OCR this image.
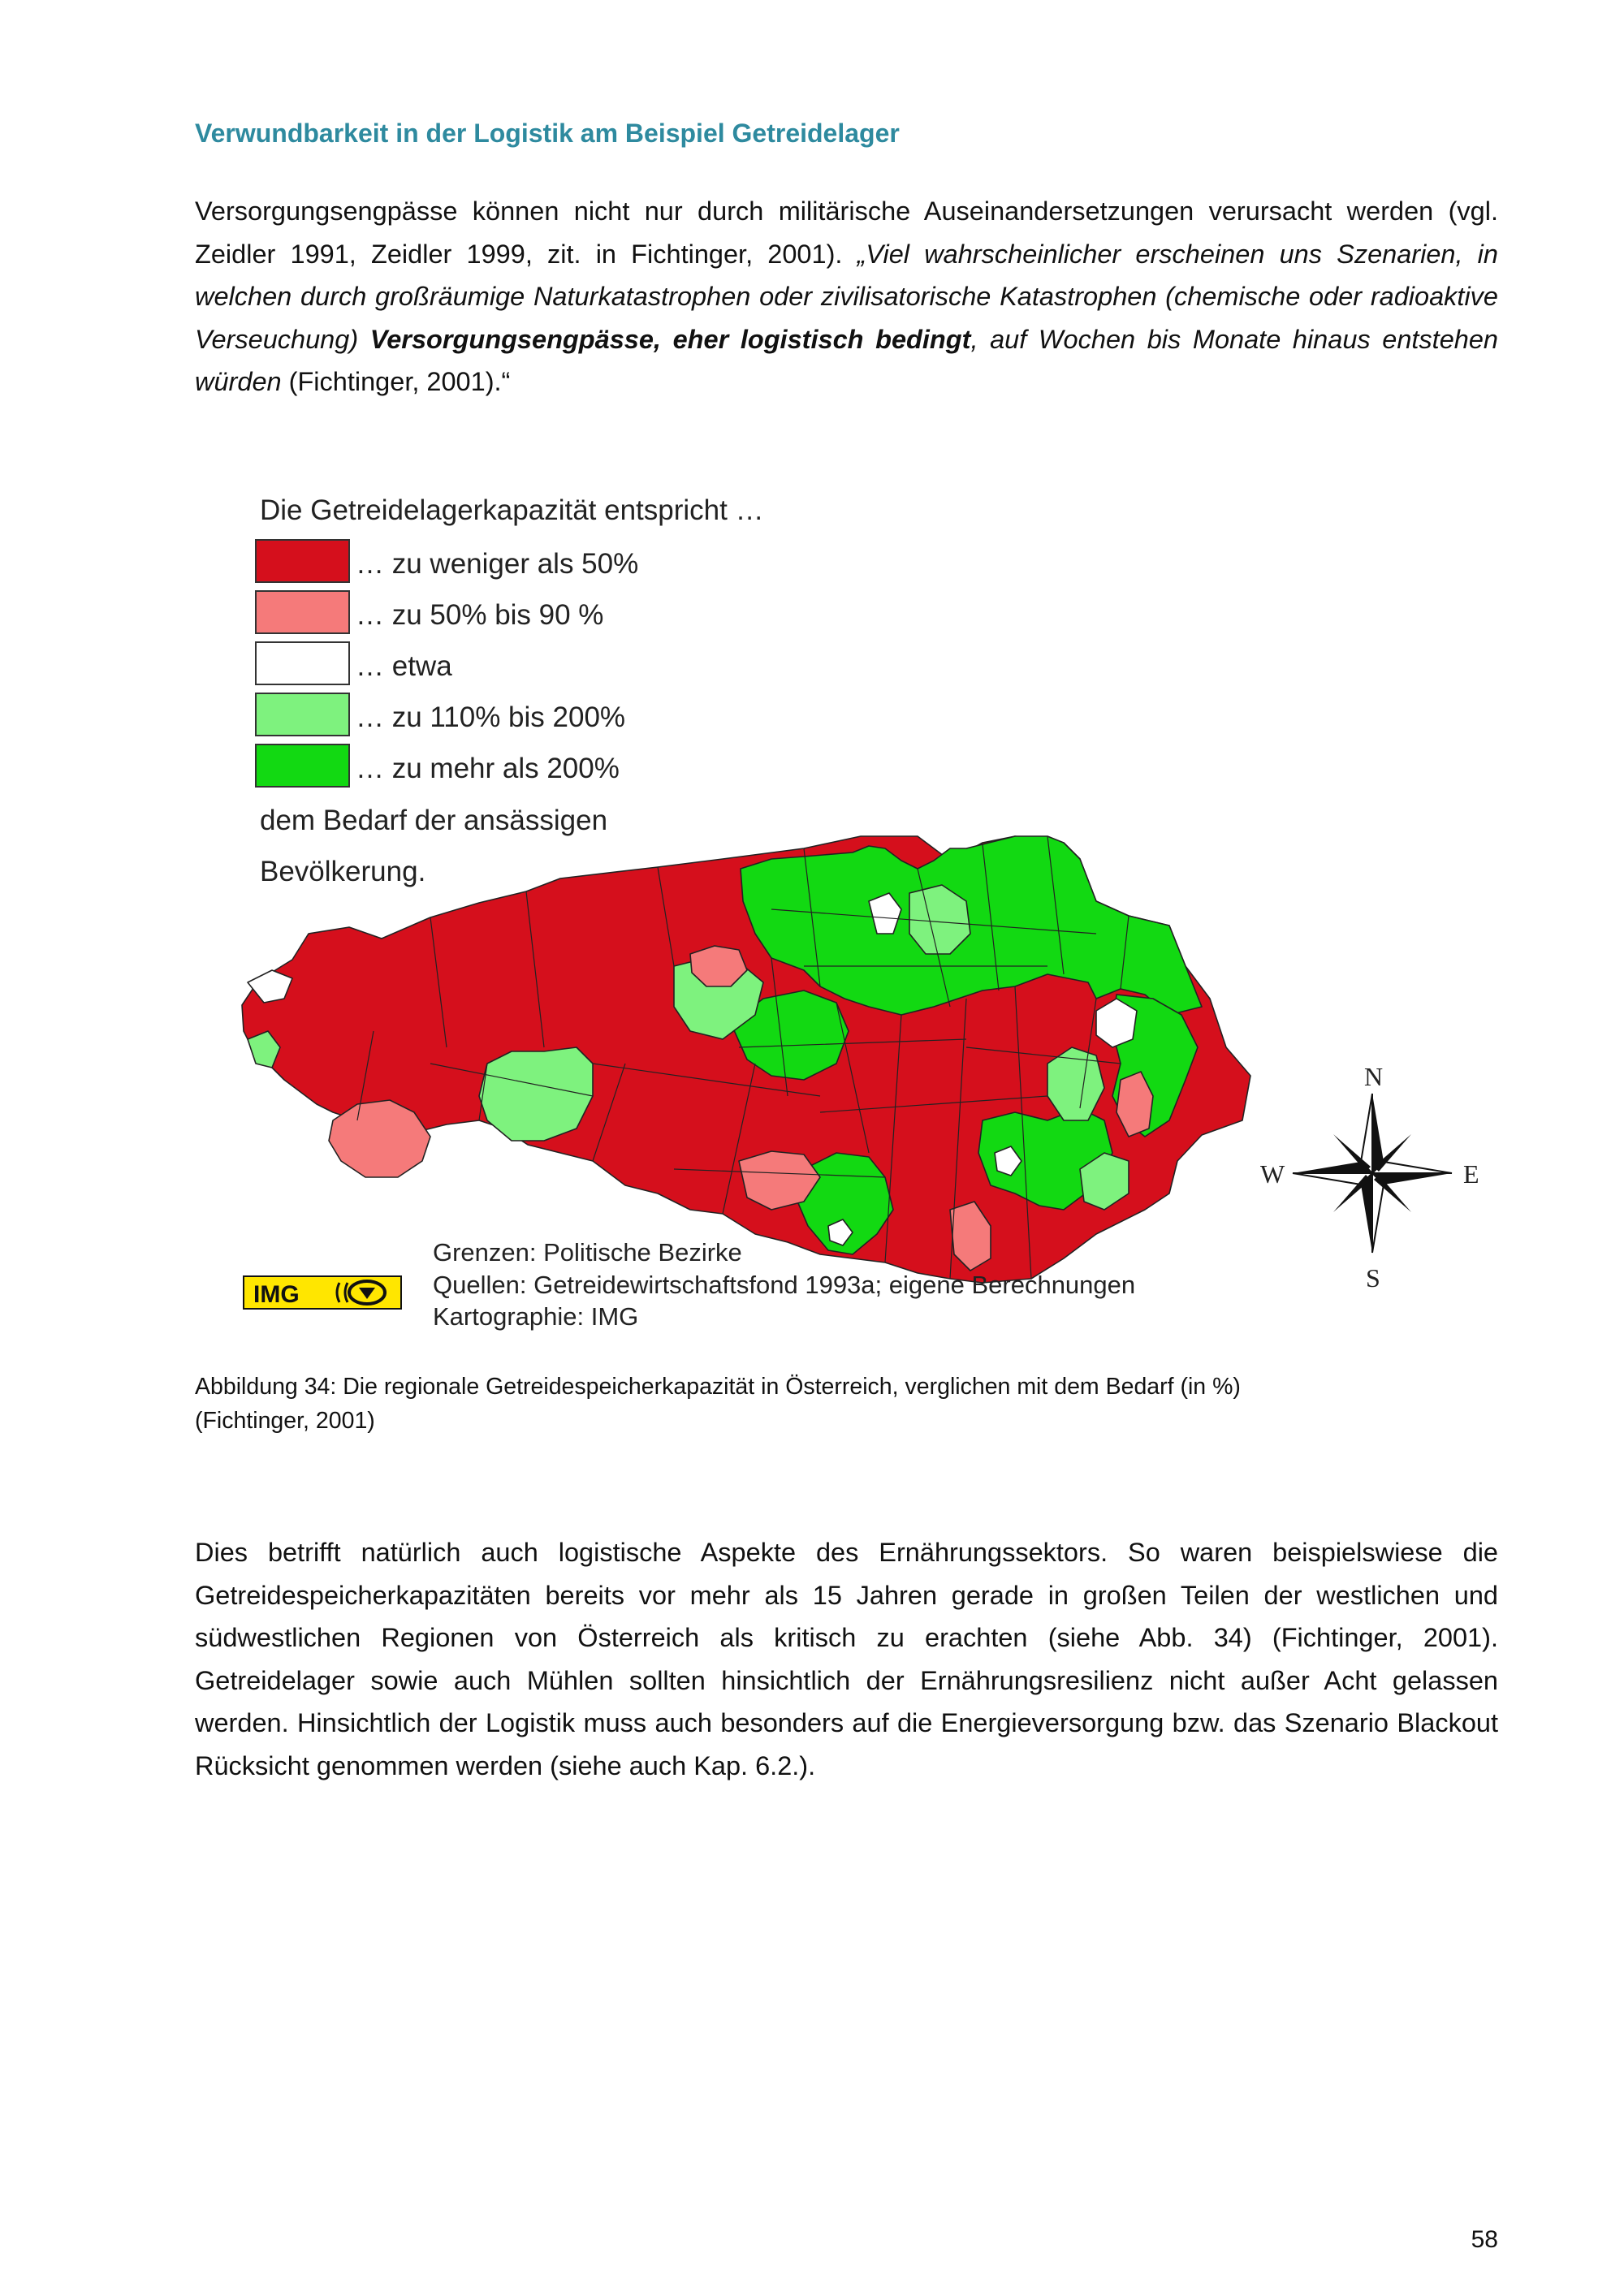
Verwundbarkeit in der Logistik am Beispiel Getreidelager

Versorgungsengpässe können nicht nur durch militärische Auseinandersetzungen verursacht werden (vgl. Zeidler 1991, Zeidler 1999, zit. in Fichtinger, 2001). „Viel wahrscheinlicher erscheinen uns Szenarien, in welchen durch großräumige Naturkatastrophen oder zivilisatorische Katastrophen (chemische oder radioaktive Verseuchung) Versorgungsengpässe, eher logistisch bedingt, auf Wochen bis Monate hinaus entstehen würden (Fichtinger, 2001).“

Die Getreidelagerkapazität entspricht …
… zu weniger als 50%
… zu 50% bis 90 %
… etwa
… zu 110% bis 200%
… zu mehr als 200%
dem Bedarf der ansässigen
Bevölkerung.
N
E
S
W
IMG
Grenzen: Politische Bezirke
Quellen: Getreidewirtschaftsfond 1993a; eigene Berechnungen
Kartographie: IMG

Abbildung 34: Die regionale Getreidespeicherkapazität in Österreich, verglichen mit dem Bedarf (in %)
(Fichtinger, 2001)

Dies betrifft natürlich auch logistische Aspekte des Ernährungssektors. So waren beispielswiese die Getreidespeicherkapazitäten bereits vor mehr als 15 Jahren gerade in großen Teilen der westlichen und südwestlichen Regionen von Österreich als kritisch zu erachten (siehe Abb. 34) (Fichtinger, 2001). Getreidelager sowie auch Mühlen sollten hinsichtlich der Ernährungsresilienz nicht außer Acht gelassen werden. Hinsichtlich der Logistik muss auch besonders auf die Energieversorgung bzw. das Szenario Blackout Rücksicht genommen werden (siehe auch Kap. 6.2.).

58
